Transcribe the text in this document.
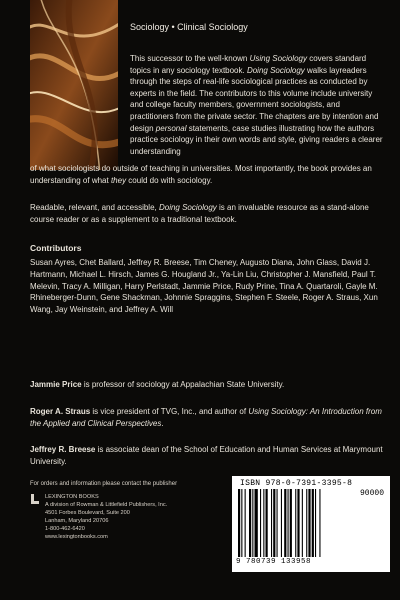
Sociology • Clinical Sociology

This successor to the well-known Using Sociology covers standard topics in any sociology textbook. Doing Sociology walks layreaders through the steps of real-life sociological practices as conducted by experts in the field. The contributors to this volume include university and college faculty members, government sociologists, and practitioners from the private sector. The chapters are by intention and design personal statements, case studies illustrating how the authors practice sociology in their own words and style, giving readers a clearer understanding

of what sociologists do outside of teaching in universities. Most importantly, the book provides an understanding of what they could do with sociology.

Readable, relevant, and accessible, Doing Sociology is an invaluable resource as a stand-alone course reader or as a supplement to a traditional textbook.

Contributors

Susan Ayres, Chet Ballard, Jeffrey R. Breese, Tim Cheney, Augusto Diana, John Glass, David J. Hartmann, Michael L. Hirsch, James G. Hougland Jr., Ya-Lin Liu, Christopher J. Mansfield, Paul T. Melevin, Tracy A. Milligan, Harry Perlstadt, Jammie Price, Rudy Prine, Tina A. Quartaroli, Gayle M. Rhineberger-Dunn, Gene Shackman, Johnnie Spraggins, Stephen F. Steele, Roger A. Straus, Xun Wang, Jay Weinstein, and Jeffrey A. Will

Jammie Price is professor of sociology at Appalachian State University.

Roger A. Straus is vice president of TVG, Inc., and author of Using Sociology: An Introduction from the Applied and Clinical Perspectives.

Jeffrey R. Breese is associate dean of the School of Education and Human Services at Marymount University.

For orders and information please contact the publisher
LEXINGTON BOOKS
A division of Rowman & Littlefield Publishers, Inc.
4501 Forbes Boulevard, Suite 200
Lanham, Maryland 20706
1-800-462-6420
www.lexingtonbooks.com
ISBN 978-0-7391-3395-8
90000
9 780739 133958
